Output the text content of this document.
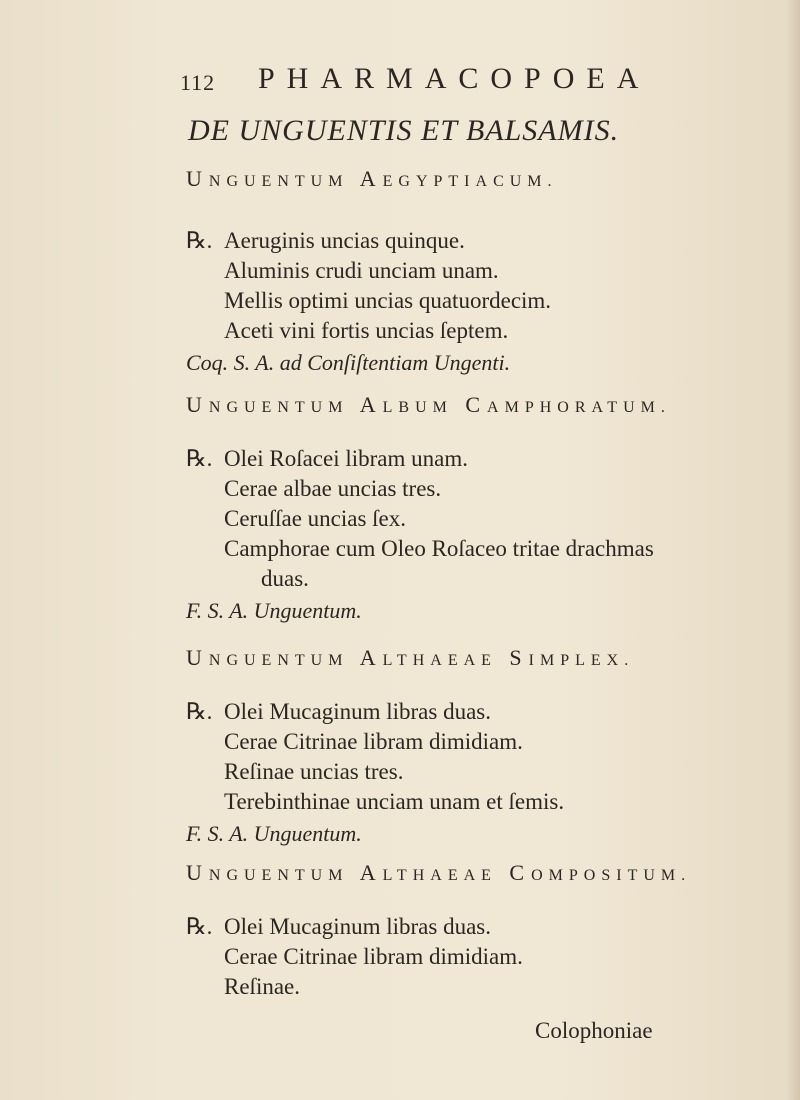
112 PHARMACOPOEA
DE UNGUENTIS ET BALSAMIS.
UNGUENTUM AEGYPTIACUM.
℞. Aeruginis uncias quinque.
Aluminis crudi unciam unam.
Mellis optimi uncias quatuordecim.
Aceti vini fortis uncias ſeptem.
Coq. S. A. ad Conſiſtentiam Ungenti.
UNGUENTUM ALBUM CAMPHORATUM.
℞. Olei Roſacei libram unam.
Cerae albae uncias tres.
Ceruſſae uncias ſex.
Camphorae cum Oleo Roſaceo tritae drachmas
duas.
F. S. A. Unguentum.
UNGUENTUM ALTHAEAE SIMPLEX.
℞. Olei Mucaginum libras duas.
Cerae Citrinae libram dimidiam.
Reſinae uncias tres.
Terebinthinae unciam unam et ſemis.
F. S. A. Unguentum.
UNGUENTUM ALTHAEAE COMPOSITUM.
℞. Olei Mucaginum libras duas.
Cerae Citrinae libram dimidiam.
Reſinae.
Colophoniae
